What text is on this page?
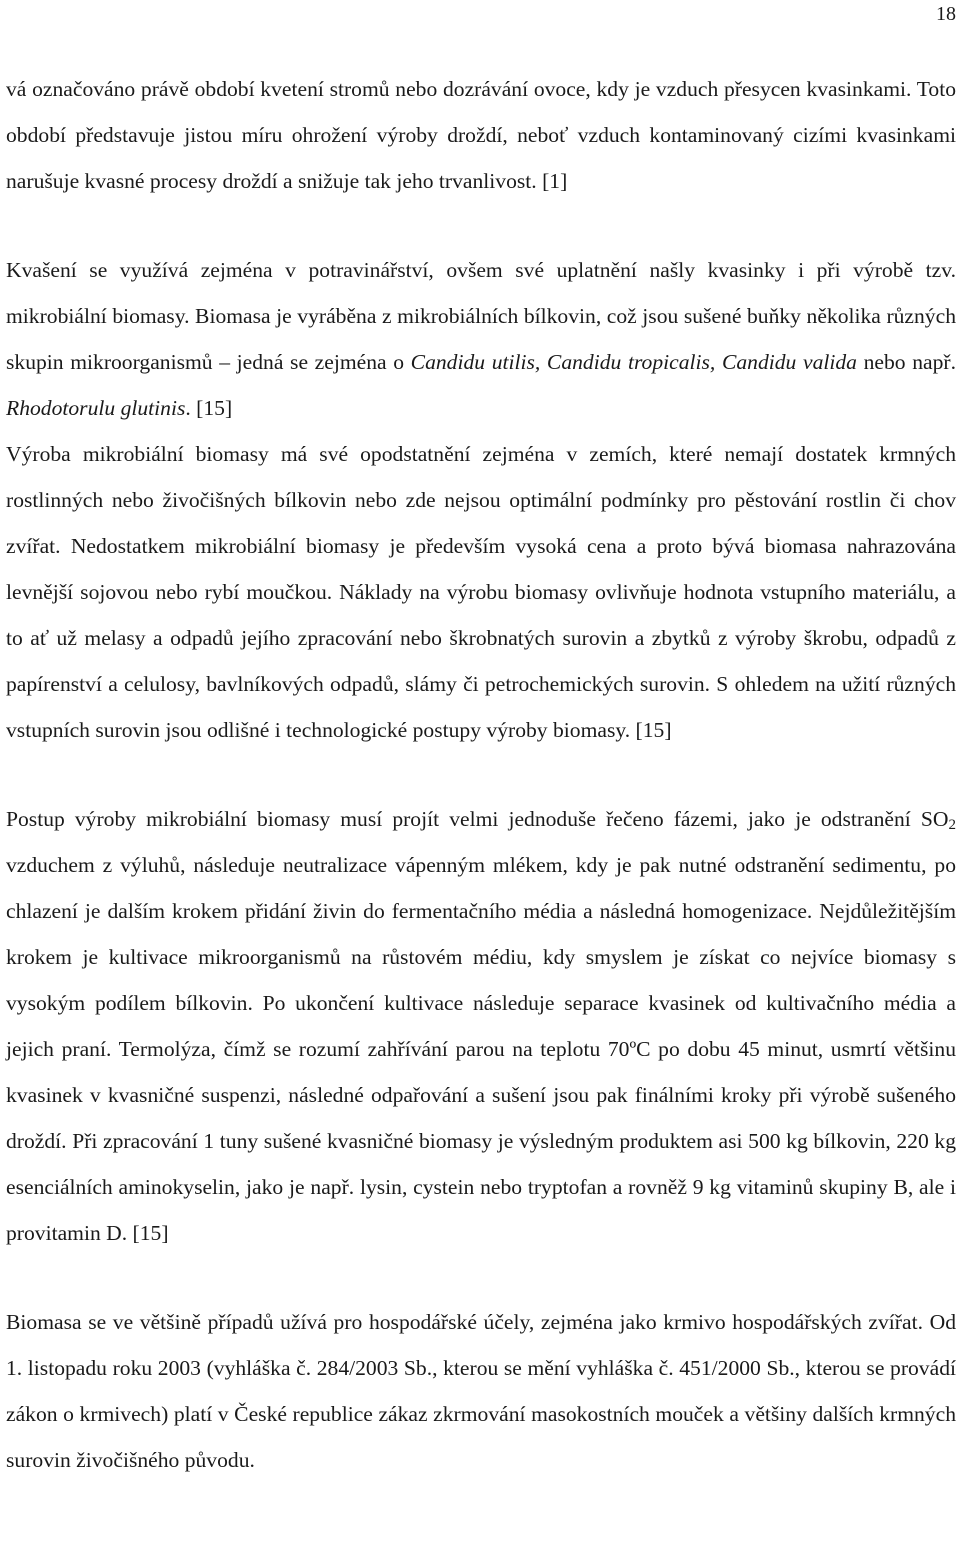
18

vá označováno právě období kvetení stromů nebo dozrávání ovoce, kdy je vzduch přesycen kvasinkami. Toto období představuje jistou míru ohrožení výroby droždí, neboť vzduch kontaminovaný cizími kvasinkami narušuje kvasné procesy droždí a snižuje tak jeho trvanlivost. [1]

Kvašení se využívá zejména v potravinářství, ovšem své uplatnění našly kvasinky i při výrobě tzv. mikrobiální biomasy. Biomasa je vyráběna z mikrobiálních bílkovin, což jsou sušené buňky několika různých skupin mikroorganismů – jedná se zejména o Candidu utilis, Candidu tropicalis, Candidu valida nebo např. Rhodotorulu glutinis. [15]

Výroba mikrobiální biomasy má své opodstatnění zejména v zemích, které nemají dostatek krmných rostlinných nebo živočišných bílkovin nebo zde nejsou optimální podmínky pro pěstování rostlin či chov zvířat. Nedostatkem mikrobiální biomasy je především vysoká cena a proto bývá biomasa nahrazována levnější sojovou nebo rybí moučkou. Náklady na výrobu biomasy ovlivňuje hodnota vstupního materiálu, a to ať už melasy a odpadů jejího zpracování nebo škrobnatých surovin a zbytků z výroby škrobu, odpadů z papírenství a celulosy, bavlníkových odpadů, slámy či petrochemických surovin. S ohledem na užití různých vstupních surovin jsou odlišné i technologické postupy výroby biomasy. [15]

Postup výroby mikrobiální biomasy musí projít velmi jednoduše řečeno fázemi, jako je odstranění $SO_2$ vzduchem z výluhů, následuje neutralizace vápenným mlékem, kdy je pak nutné odstranění sedimentu, po chlazení je dalším krokem přidání živin do fermentačního média a následná homogenizace. Nejdůležitějším krokem je kultivace mikroorganismů na růstovém médiu, kdy smyslem je získat co nejvíce biomasy s vysokým podílem bílkovin. Po ukončení kultivace následuje separace kvasinek od kultivačního média a jejich praní. Termolýza, čímž se rozumí zahřívání parou na teplotu 70ºC po dobu 45 minut, usmrtí většinu kvasinek v kvasničné suspenzi, následné odpařování a sušení jsou pak finálními kroky při výrobě sušeného droždí. Při zpracování 1 tuny sušené kvasničné biomasy je výsledným produktem asi 500 kg bílkovin, 220 kg esenciálních aminokyselin, jako je např. lysin, cystein nebo tryptofan a rovněž 9 kg vitaminů skupiny B, ale i provitamin D. [15]

Biomasa se ve většině případů užívá pro hospodářské účely, zejména jako krmivo hospodářských zvířat. Od 1. listopadu roku 2003 (vyhláška č. 284/2003 Sb., kterou se mění vyhláška č. 451/2000 Sb., kterou se provádí zákon o krmivech) platí v České republice zákaz zkrmování masokostních mouček a většiny dalších krmných surovin živočišného původu.
